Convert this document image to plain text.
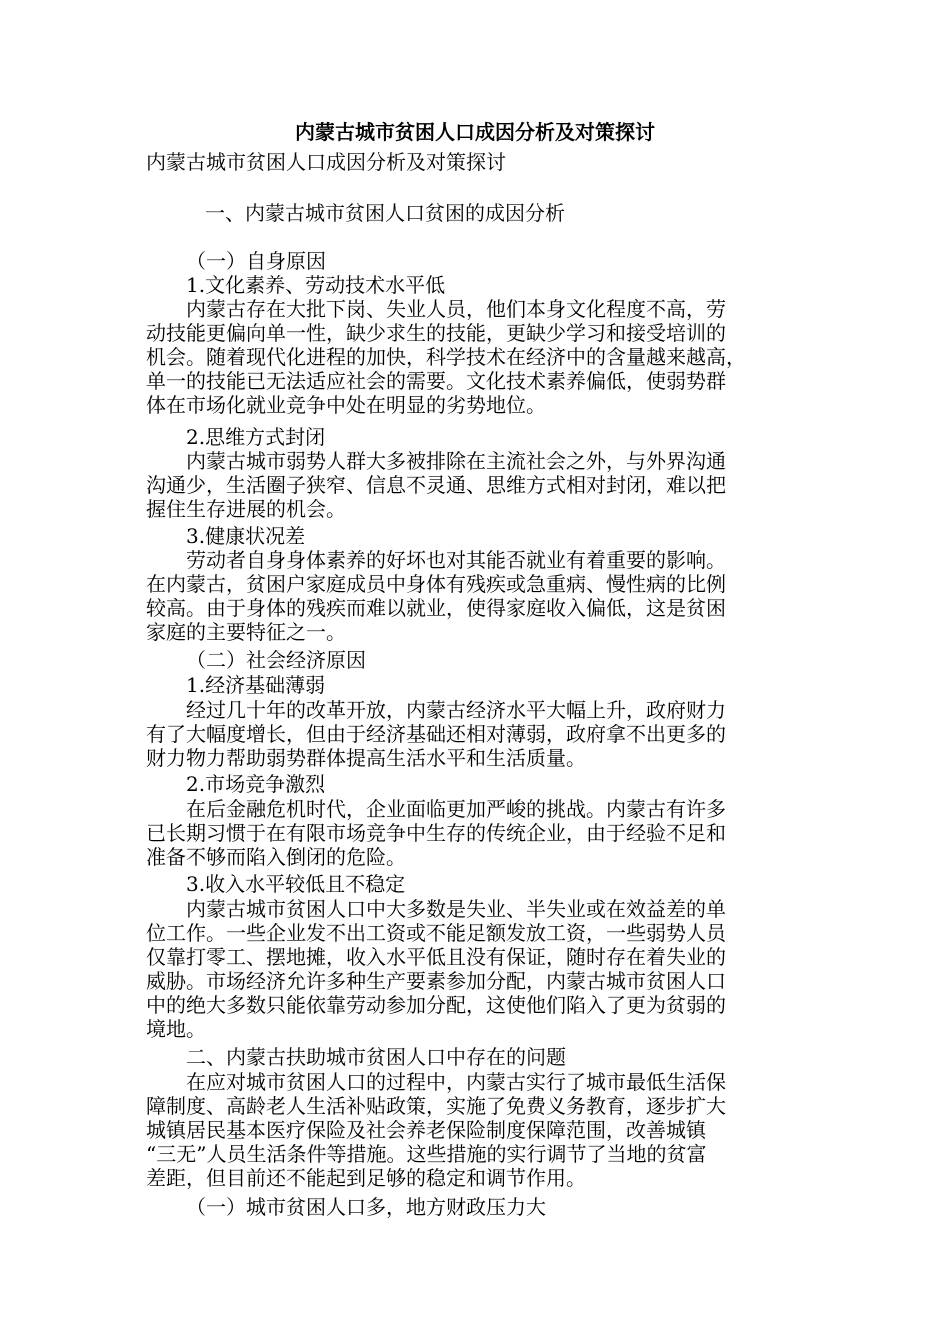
内蒙古城市贫困人口成因分析及对策探讨
内蒙古城市贫困人口成因分析及对策探讨
一、内蒙古城市贫困人口贫困的成因分析
（一）自身原因
1.文化素养、劳动技术水平低
内蒙古存在大批下岗、失业人员，他们本身文化程度不高，劳
动技能更偏向单一性，缺少求生的技能，更缺少学习和接受培训的
机会。随着现代化进程的加快，科学技术在经济中的含量越来越高，
单一的技能已无法适应社会的需要。文化技术素养偏低，使弱势群
体在市场化就业竞争中处在明显的劣势地位。
2.思维方式封闭
内蒙古城市弱势人群大多被排除在主流社会之外，与外界沟通
沟通少，生活圈子狭窄、信息不灵通、思维方式相对封闭，难以把
握住生存进展的机会。
3.健康状况差
劳动者自身身体素养的好坏也对其能否就业有着重要的影响。
在内蒙古，贫困户家庭成员中身体有残疾或急重病、慢性病的比例
较高。由于身体的残疾而难以就业，使得家庭收入偏低，这是贫困
家庭的主要特征之一。
（二）社会经济原因
1.经济基础薄弱
经过几十年的改革开放，内蒙古经济水平大幅上升，政府财力
有了大幅度增长，但由于经济基础还相对薄弱，政府拿不出更多的
财力物力帮助弱势群体提高生活水平和生活质量。
2.市场竞争激烈
在后金融危机时代，企业面临更加严峻的挑战。内蒙古有许多
已长期习惯于在有限市场竞争中生存的传统企业，由于经验不足和
准备不够而陷入倒闭的危险。
3.收入水平较低且不稳定
内蒙古城市贫困人口中大多数是失业、半失业或在效益差的单
位工作。一些企业发不出工资或不能足额发放工资，一些弱势人员
仅靠打零工、摆地摊，收入水平低且没有保证，随时存在着失业的
威胁。市场经济允许多种生产要素参加分配，内蒙古城市贫困人口
中的绝大多数只能依靠劳动参加分配，这使他们陷入了更为贫弱的
境地。
二、内蒙古扶助城市贫困人口中存在的问题
在应对城市贫困人口的过程中，内蒙古实行了城市最低生活保
障制度、高龄老人生活补贴政策，实施了免费义务教育，逐步扩大
城镇居民基本医疗保险及社会养老保险制度保障范围，改善城镇
“三无”人员生活条件等措施。这些措施的实行调节了当地的贫富
差距，但目前还不能起到足够的稳定和调节作用。
（一）城市贫困人口多，地方财政压力大
